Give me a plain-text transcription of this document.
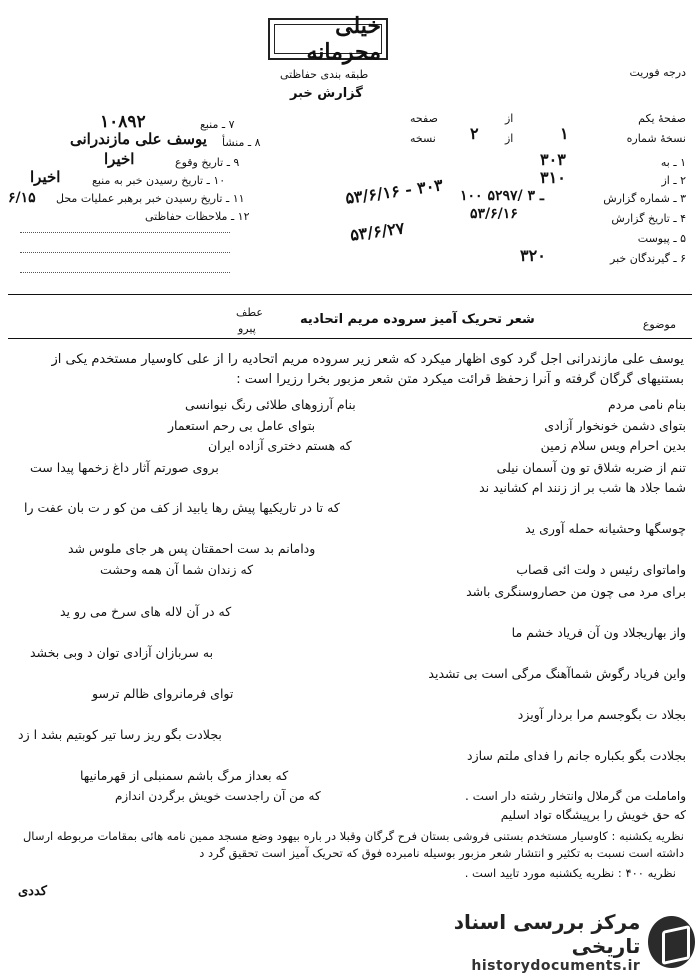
خیلی محرمانه
درجه فوریت
طبقه بندی حفاظتی
گزارش خبر
صفحهٔ یکم
از
صفحه
نسخهٔ شماره
۱
از
۲
نسخه
۱ ـ به
۳۰۳
۲ ـ از
۳۱۰
۳ ـ شماره گزارش
۱۰۰ ـ ۳ /۵۲۹۷
۴ ـ تاریخ گزارش
۵۳/۶/۱۶
۵ ـ پیوست
۶ ـ گیرندگان خبر
۳۲۰
۵۳/۶/۱۶ - ۳۰۳
۵۳/۶/۲۷
۷ ـ منبع
۱۰۸۹۲
۸ ـ منشأ
یوسف علی مازندرانی
۹ ـ تاریخ وقوع
اخیرا
۱۰ ـ تاریخ رسیدن خبر به منبع
اخیرا
۱۱ ـ تاریخ رسیدن خبر برهبر عملیات محل
۶/۱۵
۱۲ ـ ملاحظات حفاظتی
موضوع
شعر تحریک آمیز سروده مریم اتحادیه
عطف
پیرو
یوسف علی مازندرانی اجل گرد کوی اظهار میکرد که شعر زیر سروده مریم اتحادیه را از علی کاوسیار مستخدم یکی از بستنیهای گرگان گرفته و آنرا زحفظ قرائت میکرد متن شعر مزبور بخرا رزیرا است :
بنام نامی مردم
بنام آرزوهای طلائی رنگ نیوانسی
بتوای دشمن خونخوار آزادی
بتوای عامل بی رحم استعمار
بدین احرام ویس سلام زمین
که هستم دختری آزاده ایران
تنم از ضربه شلاق تو ون آسمان نیلی
بروی صورتم آثار داغ زخمها پیدا ست
شما جلاد ها شب بر از زنند ام کشانید ند
که تا در تاریکیها پیش رها یابید از کف من کو ر ت بان عفت را
چوسگها وحشیانه حمله آوری ید
ودامانم بد ست احمقتان پس هر جای ملوس شد
واماتوای رئیس د ولت ائی قصاب
که زندان شما آن همه وحشت
برای مرد می چون من حصاروسنگری باشد
که در آن لاله های سرخ می رو ید
واز بهاریجلاد ون آن فریاد خشم ما
به سربازان آزادی توان د وبی بخشد
واین فریاد رگوش شماآهنگ مرگی است بی تشدید
توای فرمانروای ظالم ترسو
بجلاد ت بگوجسم مرا بردار آویزد
بجلادت بگو ریز رسا تیر کوبتیم بشد ا زد
بجلادت بگو بکباره جانم را فدای ملتم سازد
که بعداز مرگ باشم سمنبلی از قهرمانیها
واماملت من گرملال وانتخار رشته دار است .
که من آن راجدست خویش برگردن اندازم
که حق خویش را برپیشگاه تواد اسلیم
نظریه یکشنبه : کاوسیار مستخدم بستنی فروشی بستان فرح گرگان وقبلا در باره بیهود وضع مسجد ممین نامه هائی بمقامات مربوطه ارسال داشته است نسبت به تکثیر و انتشار شعر مزبور بوسیله نامبرده فوق که تحریک آمیز است تحقیق گرد د
نظریه ۴۰۰ : نظریه یکشنبه مورد تایید است .
کددی
مرکز بررسی اسناد تاریخی
historydocuments.ir
